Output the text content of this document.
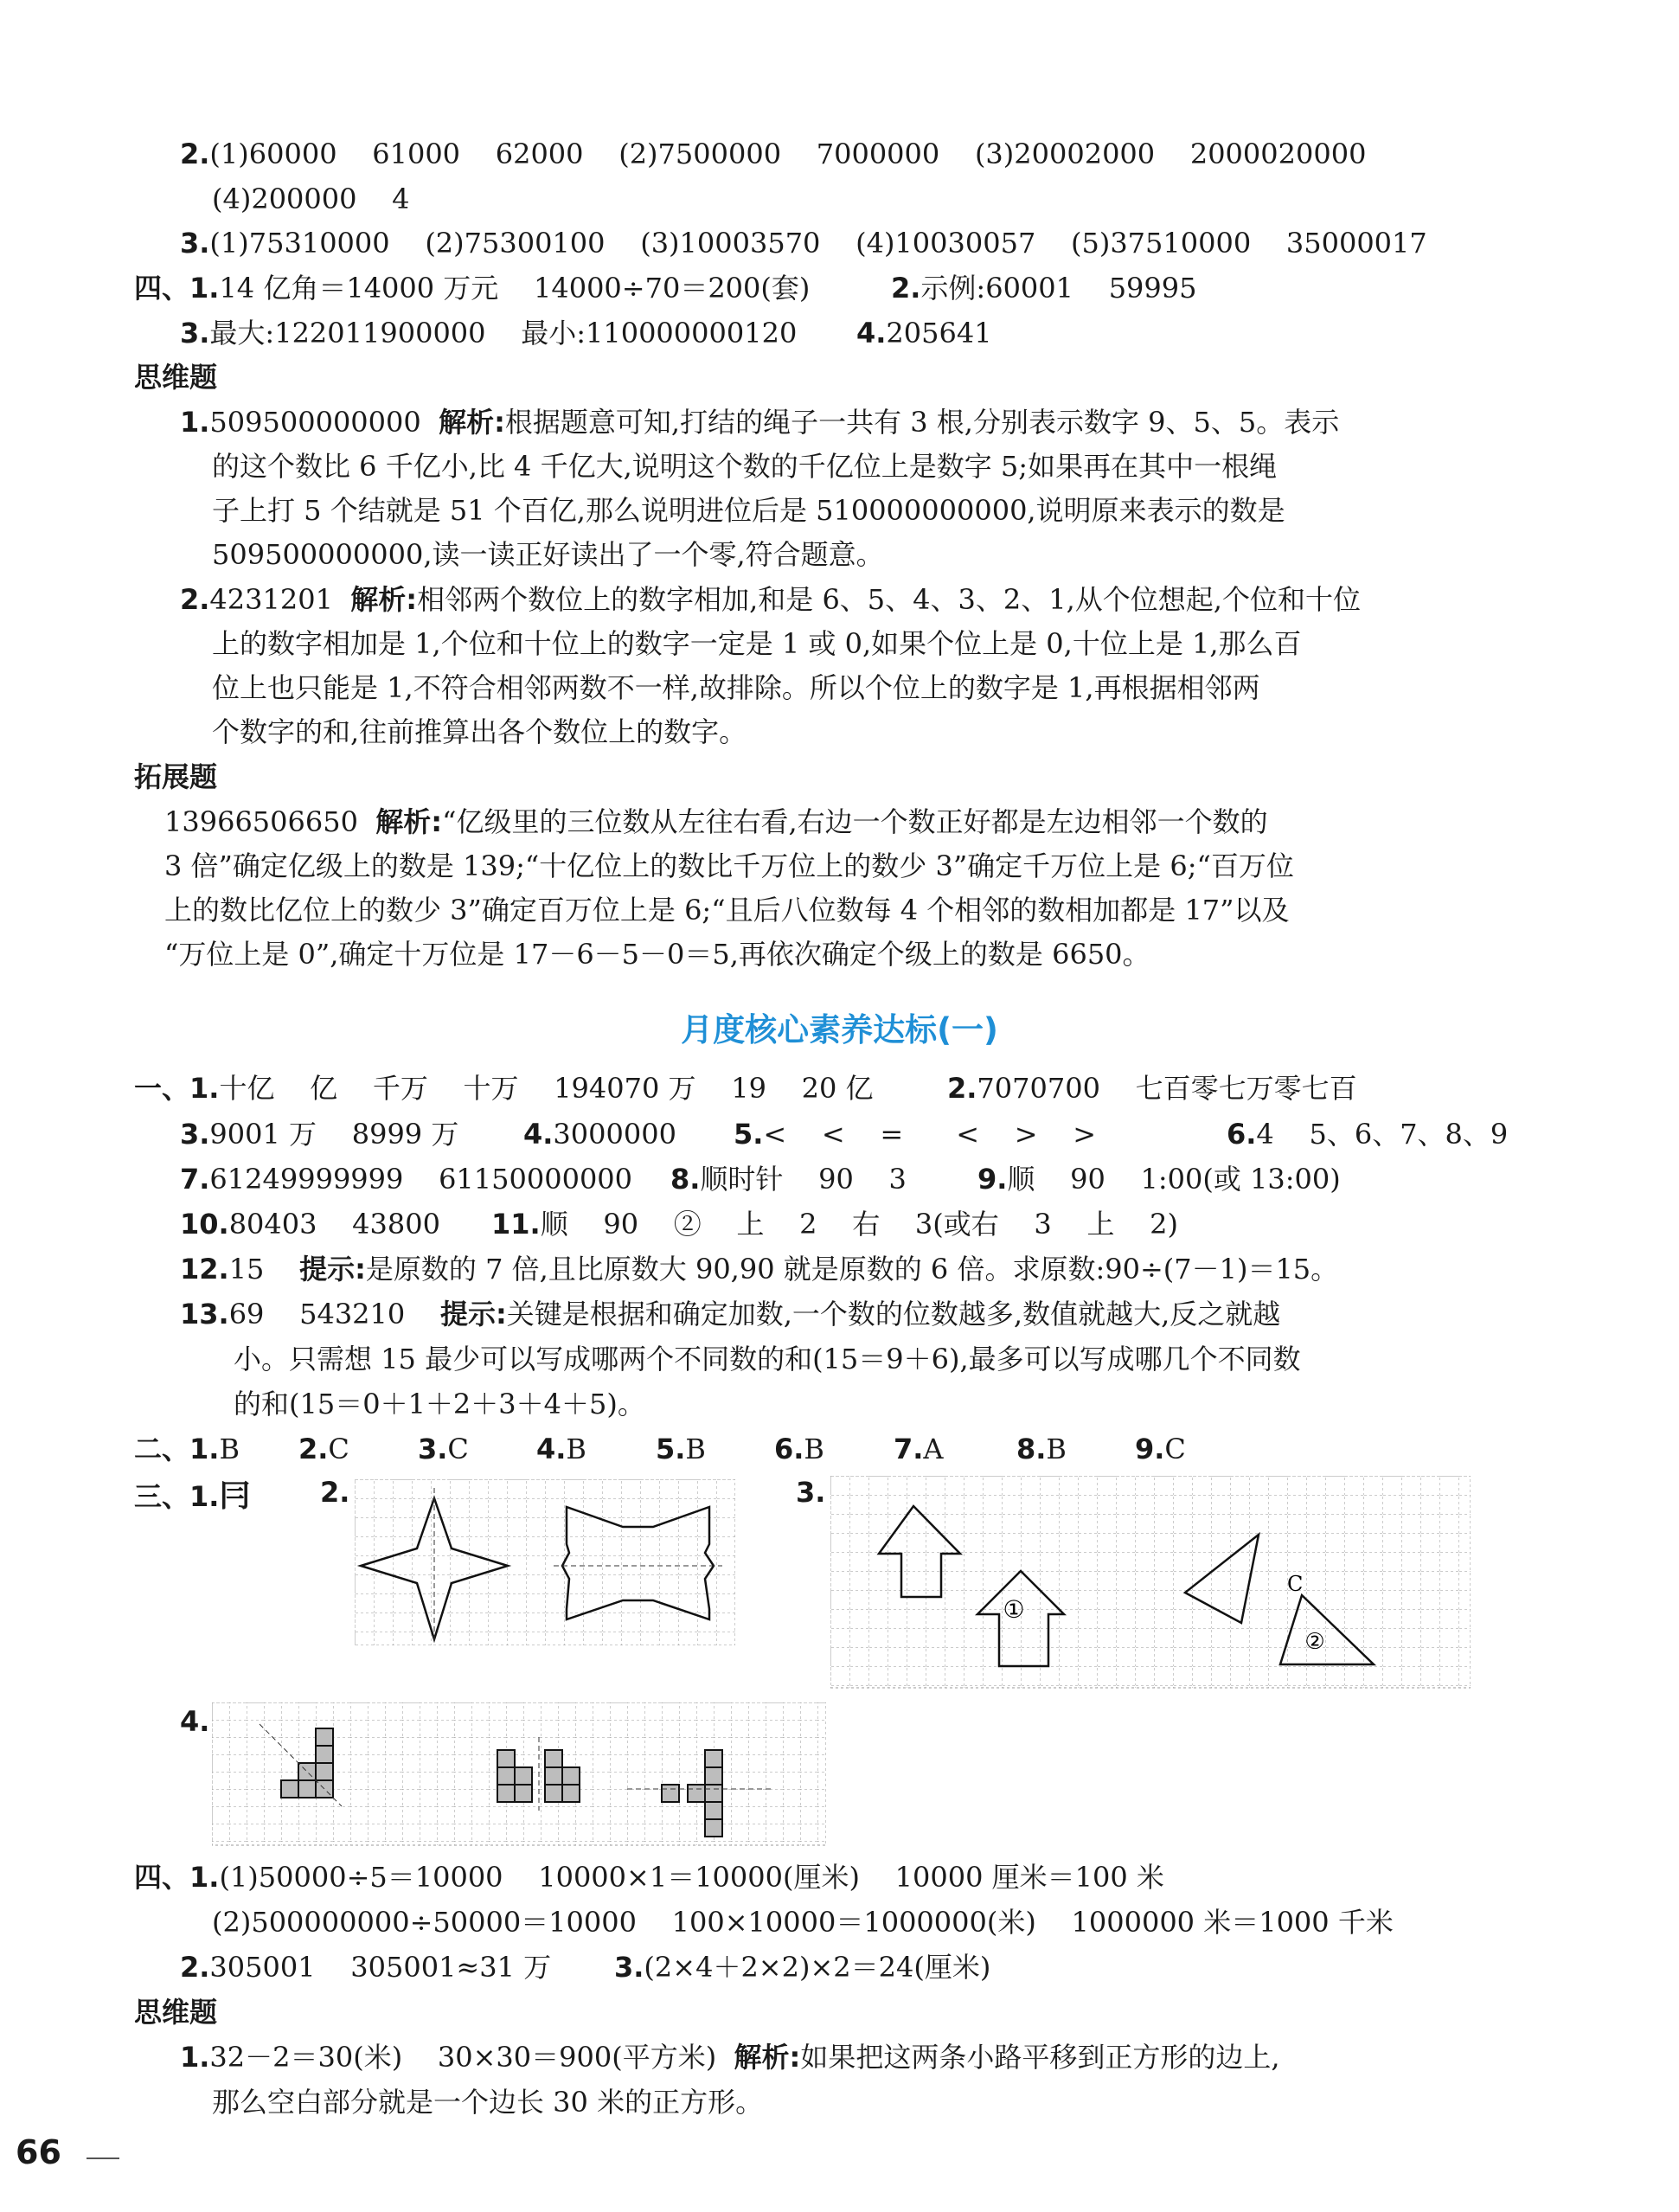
2.(1)60000    61000    62000    (2)7500000    7000000    (3)20002000    2000020000
(4)200000    4
3.(1)75310000    (2)75300100    (3)10003570    (4)10030057    (5)37510000    35000017
四、1.14 亿角＝14000 万元    14000÷70＝200(套)	2.示例:60001    59995
3.最大:122011900000    最小:110000000120 4.205641
思维题
1.509500000000 解析:根据题意可知,打结的绳子一共有 3 根,分别表示数字 9、5、5。表示
的这个数比 6 千亿小,比 4 千亿大,说明这个数的千亿位上是数字 5;如果再在其中一根绳
子上打 5 个结就是 51 个百亿,那么说明进位后是 510000000000,说明原来表示的数是
509500000000,读一读正好读出了一个零,符合题意。
2.4231201 解析:相邻两个数位上的数字相加,和是 6、5、4、3、2、1,从个位想起,个位和十位
上的数字相加是 1,个位和十位上的数字一定是 1 或 0,如果个位上是 0,十位上是 1,那么百
位上也只能是 1,不符合相邻两数不一样,故排除。所以个位上的数字是 1,再根据相邻两
个数字的和,往前推算出各个数位上的数字。
拓展题
13966506650 解析:“亿级里的三位数从左往右看,右边一个数正好都是左边相邻一个数的
3 倍”确定亿级上的数是 139;“十亿位上的数比千万位上的数少 3”确定千万位上是 6;“百万位
上的数比亿位上的数少 3”确定百万位上是 6;“且后八位数每 4 个相邻的数相加都是 17”以及
“万位上是 0”,确定十万位是 17－6－5－0＝5,再依次确定个级上的数是 6650。
月度核心素养达标(一)
一、1.十亿    亿    千万    十万    194070 万    19    20 亿	2.7070700    七百零七万零七百
3.9001 万    8999 万 4.3000000 5.<    <    =      <    >    >	6.4    5、6、7、8、9
7.61249999999    61150000000 8.顺时针    90    3	9.顺    90    1:00(或 13:00)
10.80403    43800 11.顺    90    ②    上    2    右    3(或右    3    上    2)
12.15 提示:是原数的 7 倍,且比原数大 90,90 就是原数的 6 倍。求原数:90÷(7－1)＝15。
13.69    543210 提示:关键是根据和确定加数,一个数的位数越多,数值就越大,反之就越
小。只需想 15 最少可以写成哪两个不同数的和(15＝9＋6),最多可以写成哪几个不同数
的和(15＝0＋1＋2＋3＋4＋5)。
二、1.B 2.C 3.C 4.B	5.B 6.B	7.A	8.B 9.C
三、1.冃	2.	3.
4.
①
C
②
四、1.(1)50000÷5＝10000    10000×1＝10000(厘米)    10000 厘米＝100 米
(2)500000000÷50000＝10000    100×10000＝1000000(米)    1000000 米＝1000 千米
2.305001    305001≈31 万 3.(2×4＋2×2)×2＝24(厘米)
思维题
1.32－2＝30(米)    30×30＝900(平方米) 解析:如果把这两条小路平移到正方形的边上,
那么空白部分就是一个边长 30 米的正方形。
66
